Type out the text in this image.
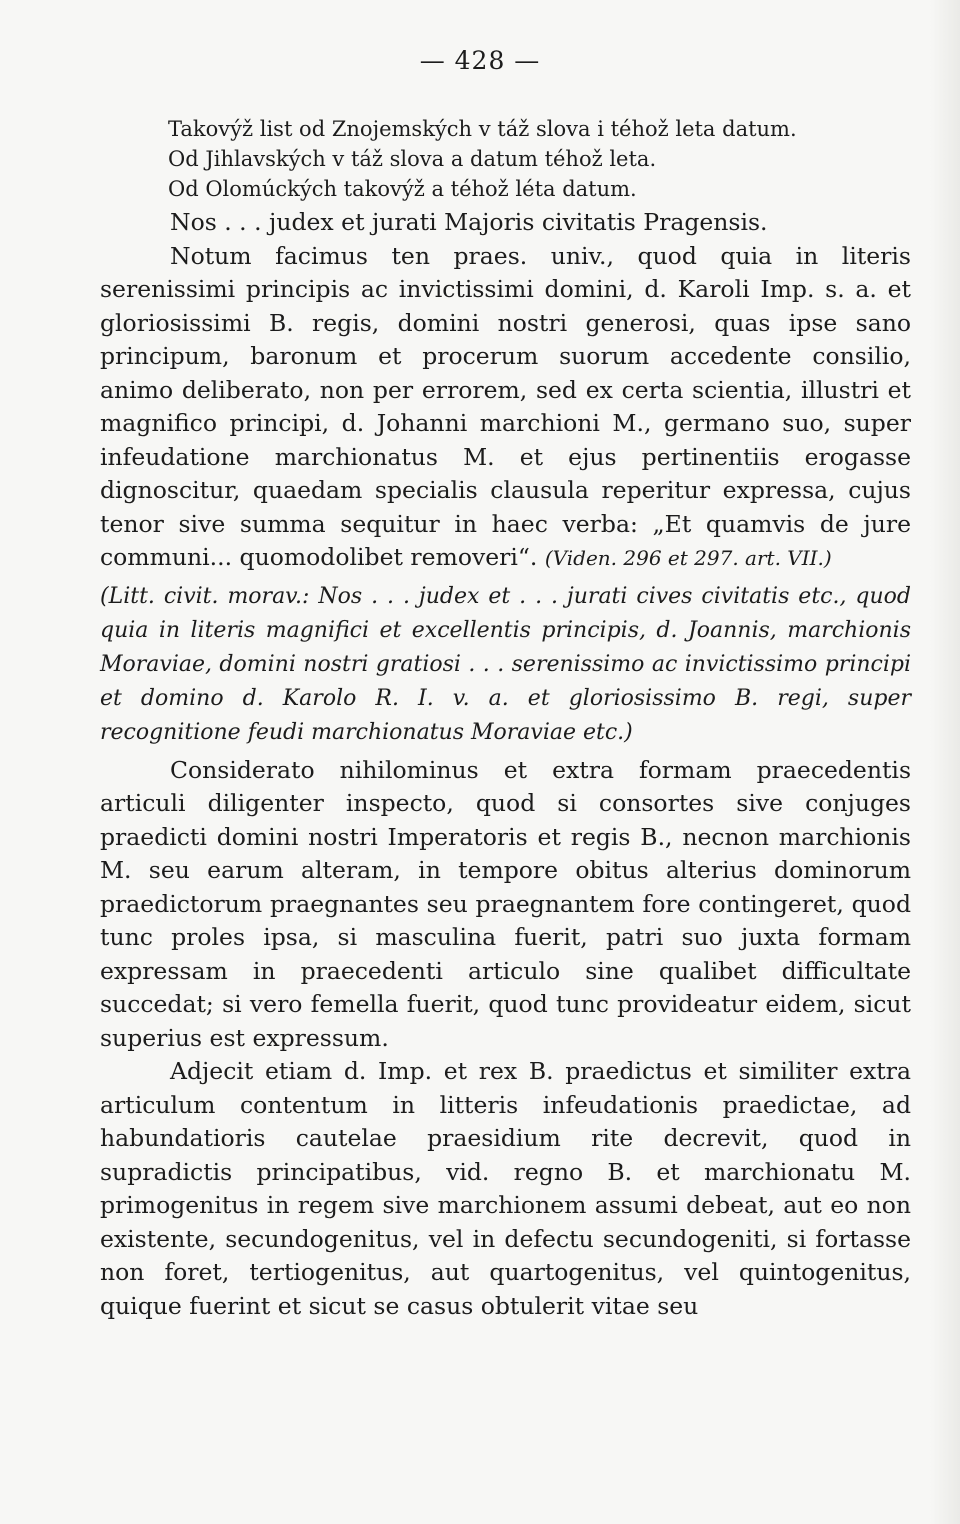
— 428 —
Takovýž list od Znojemských v táž slova i téhož leta datum.
Od Jihlavských v táž slova a datum téhož leta.
Od Olomúckých takovýž a téhož léta datum.

Nos . . . judex et jurati Majoris civitatis Pragensis.

Notum facimus ten praes. univ., quod quia in literis serenissimi principis ac invictissimi domini, d. Karoli Imp. s. a. et gloriosissimi B. regis, domini nostri generosi, quas ipse sano principum, baronum et procerum suorum accedente consilio, animo deliberato, non per errorem, sed ex certa scientia, illustri et magnifico principi, d. Johanni marchioni M., germano suo, super infeudatione marchionatus M. et ejus pertinentiis erogasse dignoscitur, quaedam specialis clausula reperitur expressa, cujus tenor sive summa sequitur in haec verba: „Et quamvis de jure communi... quomodolibet removeri“. (Viden. 296 et 297. art. VII.)

(Litt. civit. morav.: Nos . . . judex et . . . jurati cives civitatis etc., quod quia in literis magnifici et excellentis principis, d. Joannis, marchionis Moraviae, domini nostri gratiosi . . . serenissimo ac invictissimo principi et domino d. Karolo R. I. v. a. et gloriosissimo B. regi, super recognitione feudi marchionatus Moraviae etc.)

Considerato nihilominus et extra formam praecedentis articuli diligenter inspecto, quod si consortes sive conjuges praedicti domini nostri Imperatoris et regis B., necnon marchionis M. seu earum alteram, in tempore obitus alterius dominorum praedictorum praegnantes seu praegnantem fore contingeret, quod tunc proles ipsa, si masculina fuerit, patri suo juxta formam expressam in praecedenti articulo sine qualibet difficultate succedat; si vero femella fuerit, quod tunc provideatur eidem, sicut superius est expressum.

Adjecit etiam d. Imp. et rex B. praedictus et similiter extra articulum contentum in litteris infeudationis praedictae, ad habundatioris cautelae praesidium rite decrevit, quod in supradictis principatibus, vid. regno B. et marchionatu M. primogenitus in regem sive marchionem assumi debeat, aut eo non existente, secundogenitus, vel in defectu secundogeniti, si fortasse non foret, tertiogenitus, aut quartogenitus, vel quintogenitus, quique fuerint et sicut se casus obtulerit vitae seu
